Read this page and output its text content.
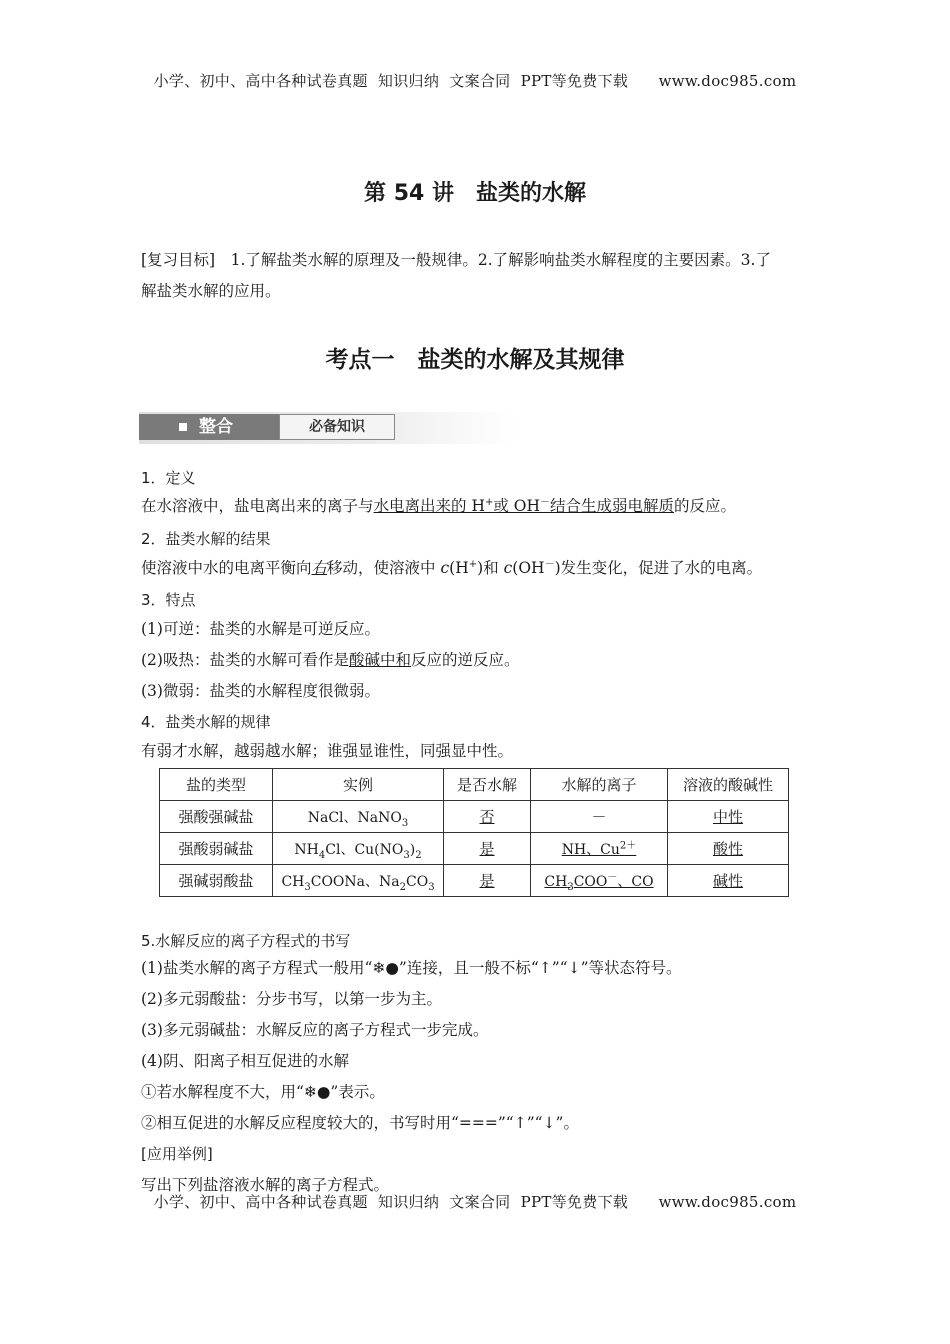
小学、初中、高中各种试卷真题  知识归纳  文案合同  PPT等免费下载      www.doc985.com
第 54 讲　盐类的水解
[复习目标]　1.了解盐类水解的原理及一般规律。2.了解影响盐类水解程度的主要因素。3.了
解盐类水解的应用。
考点一　盐类的水解及其规律
整合	必备知识
1．定义
在水溶液中，盐电离出来的离子与水电离出来的 H+或 OH－结合生成弱电解质的反应。
2．盐类水解的结果
使溶液中水的电离平衡向右移动，使溶液中 c(H+)和 c(OH－)发生变化，促进了水的电离。
3．特点
(1)可逆：盐类的水解是可逆反应。
(2)吸热：盐类的水解可看作是酸碱中和反应的逆反应。
(3)微弱：盐类的水解程度很微弱。
4．盐类水解的规律
有弱才水解，越弱越水解；谁强显谁性，同强显中性。
盐的类型	实例	是否水解	水解的离子	溶液的酸碱性
强酸强碱盐	NaCl、NaNO$_3$	否	－	中性
强酸弱碱盐	$NH_4Cl$、$Cu(NO_3)_2$	是	NH、$Cu^{2+}$	酸性
强碱弱酸盐	$CH_3COONa$、$Na_2CO_3$	是	$CH_3COO^-$、CO	碱性
5.水解反应的离子方程式的书写
(1)盐类水解的离子方程式一般用“❄●”连接，且一般不标“↑”“↓”等状态符号。
(2)多元弱酸盐：分步书写，以第一步为主。
(3)多元弱碱盐：水解反应的离子方程式一步完成。
(4)阴、阳离子相互促进的水解
①若水解程度不大，用“❄●”表示。
②相互促进的水解反应程度较大的，书写时用“===”“↑”“↓”。
[应用举例]
写出下列盐溶液水解的离子方程式。
小学、初中、高中各种试卷真题  知识归纳  文案合同  PPT等免费下载      www.doc985.com
